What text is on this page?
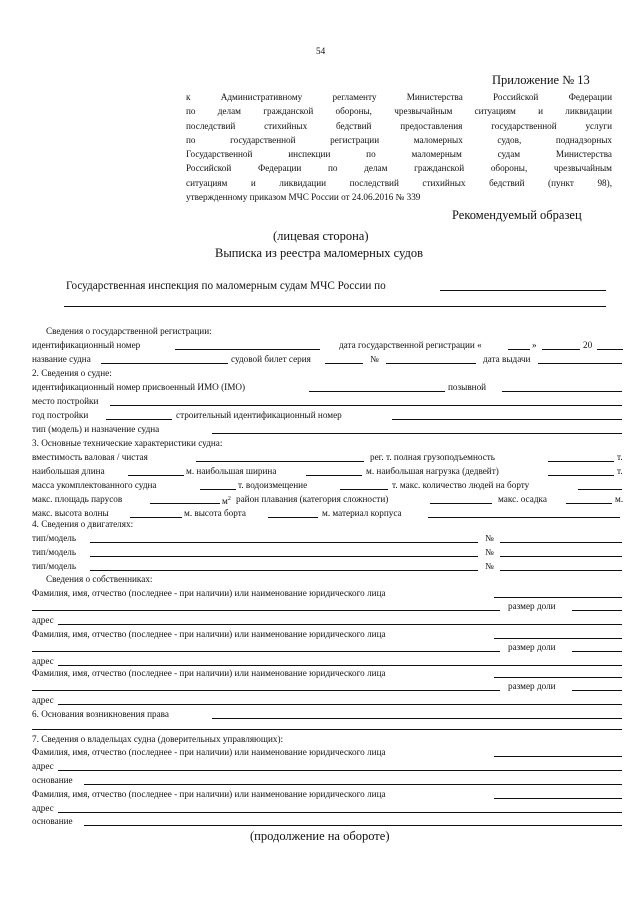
54
Приложение № 13
к Административному регламенту Министерства Российской Федерации
по делам гражданской обороны, чрезвычайным ситуациям и ликвидации
последствий стихийных бедствий предоставления государственной услуги
по государственной регистрации маломерных судов, поднадзорных
Государственной инспекции по маломерным судам Министерства
Российской Федерации по делам гражданской обороны, чрезвычайным
ситуациям и ликвидации последствий стихийных бедствий (пункт 98),
утвержденному приказом МЧС России от 24.06.2016 № 339
Рекомендуемый образец
(лицевая сторона)
Выписка из реестра маломерных судов
Государственная инспекция по маломерным судам МЧС России по
Сведения о государственной регистрации:
идентификационный номер	дата государственной регистрации «	»	20
название судна	судовой билет серия	№	дата выдачи
2. Сведения о судне:
идентификационный номер присвоенный ИМО (IMO)	позывной
место постройки
год постройки	строительный идентификационный номер
тип (модель) и назначение судна
3. Основные технические характеристики судна:
вместимость валовая / чистая	рег. т. полная грузоподъемность	т.
наибольшая длина	м. наибольшая ширина	м. наибольшая нагрузка (дедвейт)	т.
масса укомплектованного судна	т. водоизмещение	т. макс. количество людей на борту
макс. площадь парусов	$м^2$ район плавания (категория сложности)	макс. осадка	м.
макс. высота волны	м. высота борта	м. материал корпуса
4. Сведения о двигателях:
тип/модель	№
тип/модель	№
тип/модель	№
Сведения о собственниках:
Фамилия, имя, отчество (последнее - при наличии) или наименование юридического лица
размер доли
адрес
Фамилия, имя, отчество (последнее - при наличии) или наименование юридического лица
размер доли
адрес
Фамилия, имя, отчество (последнее - при наличии) или наименование юридического лица
размер доли
адрес
6. Основания возникновения права
7. Сведения о владельцах судна (доверительных управляющих):
Фамилия, имя, отчество (последнее - при наличии) или наименование юридического лица
адрес
основание
Фамилия, имя, отчество (последнее - при наличии) или наименование юридического лица
адрес
основание
(продолжение на обороте)
